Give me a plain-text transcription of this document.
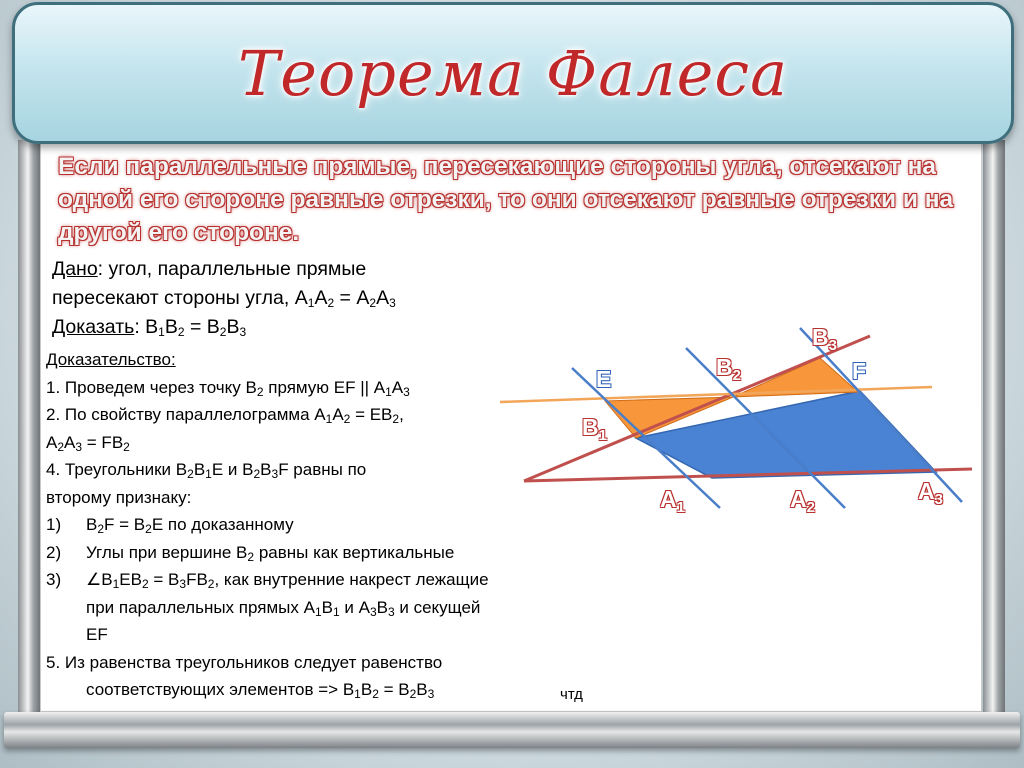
Теорема Фалеса
Если параллельные прямые, пересекающие стороны угла, отсекают на одной его стороне равные отрезки, то они отсекают равные отрезки и на другой его стороне.
Дано: угол, параллельные прямые
пересекают стороны угла, $А_1А_2 = А_2А_3$
Доказать: $В_1В_2 = В_2В_3$
Доказательство:
1. Проведем через точку $В_2$ прямую EF || $А_1А_3$
2. По свойству параллелограмма $А_1А_2 = EВ_2$,
$А_2А_3 = FВ_2$
4. Треугольники $В_2В_1E$ и $В_2В_3F$ равны по
второму признаку:
1)	$В_2F = В_2E$ по доказанному
2)	Углы при вершине $В_2$ равны как вертикальные
3)	$\angle В_1EВ_2 = В_3FВ_2$, как внутренние накрест лежащие
при параллельных прямых $А_1В_1$ и $А_3В_3$ и секущей
EF
5. Из равенства треугольников следует равенство
соответствующих элементов => $В_1В_2 = В_2В_3$	чтд
$B_3$
$B_2$
E	F
$B_1$
$A_1$	$A_2$
$A_3$
